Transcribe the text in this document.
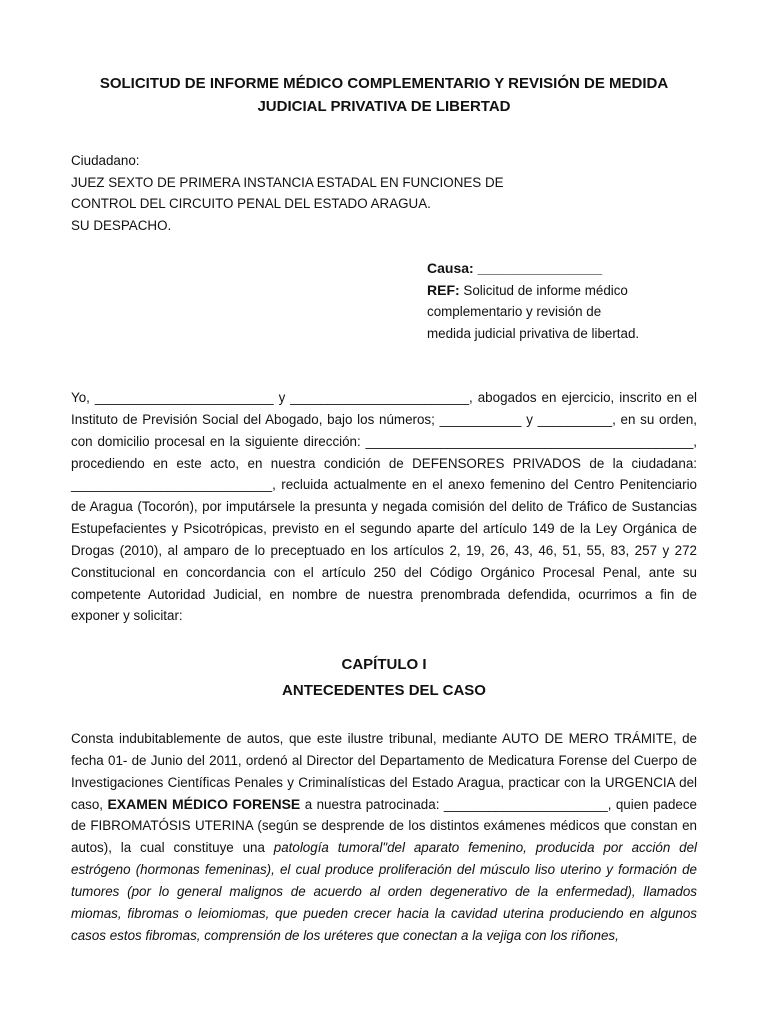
SOLICITUD DE INFORME MÉDICO COMPLEMENTARIO Y REVISIÓN DE MEDIDA
JUDICIAL PRIVATIVA DE LIBERTAD
Ciudadano:
JUEZ SEXTO DE PRIMERA INSTANCIA ESTADAL EN FUNCIONES DE
CONTROL DEL CIRCUITO PENAL DEL ESTADO ARAGUA.
SU DESPACHO.
Causa: ________________
REF: Solicitud de informe médico
complementario y revisión de
medida judicial privativa de libertad.
Yo, ________________________ y ________________________, abogados en ejercicio, inscrito en el Instituto de Previsión Social del Abogado, bajo los números; ___________ y __________, en su orden, con domicilio procesal en la siguiente dirección: ____________________________________________, procediendo en este acto, en nuestra condición de DEFENSORES PRIVADOS de la ciudadana: ___________________________, recluida actualmente en el anexo femenino del Centro Penitenciario de Aragua (Tocorón), por imputársele la presunta y negada comisión del delito de Tráfico de Sustancias Estupefacientes y Psicotrópicas, previsto en el segundo aparte del artículo 149 de la Ley Orgánica de Drogas (2010), al amparo de lo preceptuado en los artículos 2, 19, 26, 43, 46, 51, 55, 83, 257 y 272 Constitucional en concordancia con el artículo 250 del Código Orgánico Procesal Penal, ante su competente Autoridad Judicial, en nombre de nuestra prenombrada defendida, ocurrimos a fin de exponer y solicitar:
CAPÍTULO I
ANTECEDENTES DEL CASO
Consta indubitablemente de autos, que este ilustre tribunal, mediante AUTO DE MERO TRÁMITE, de fecha 01- de Junio del 2011, ordenó al Director del Departamento de Medicatura Forense del Cuerpo de Investigaciones Científicas Penales y Criminalísticas del Estado Aragua, practicar con la URGENCIA del caso, EXAMEN MÉDICO FORENSE a nuestra patrocinada: ______________________, quien padece de FIBROMATÓSIS UTERINA (según se desprende de los distintos exámenes médicos que constan en autos), la cual constituye una patología tumoral"del aparato femenino, producida por acción del estrógeno (hormonas femeninas), el cual produce proliferación del músculo liso uterino y formación de tumores (por lo general malignos de acuerdo al orden degenerativo de la enfermedad), llamados miomas, fibromas o leiomiomas, que pueden crecer hacia la cavidad uterina produciendo en algunos casos estos fibromas, comprensión de los uréteres que conectan a la vejiga con los riñones,
